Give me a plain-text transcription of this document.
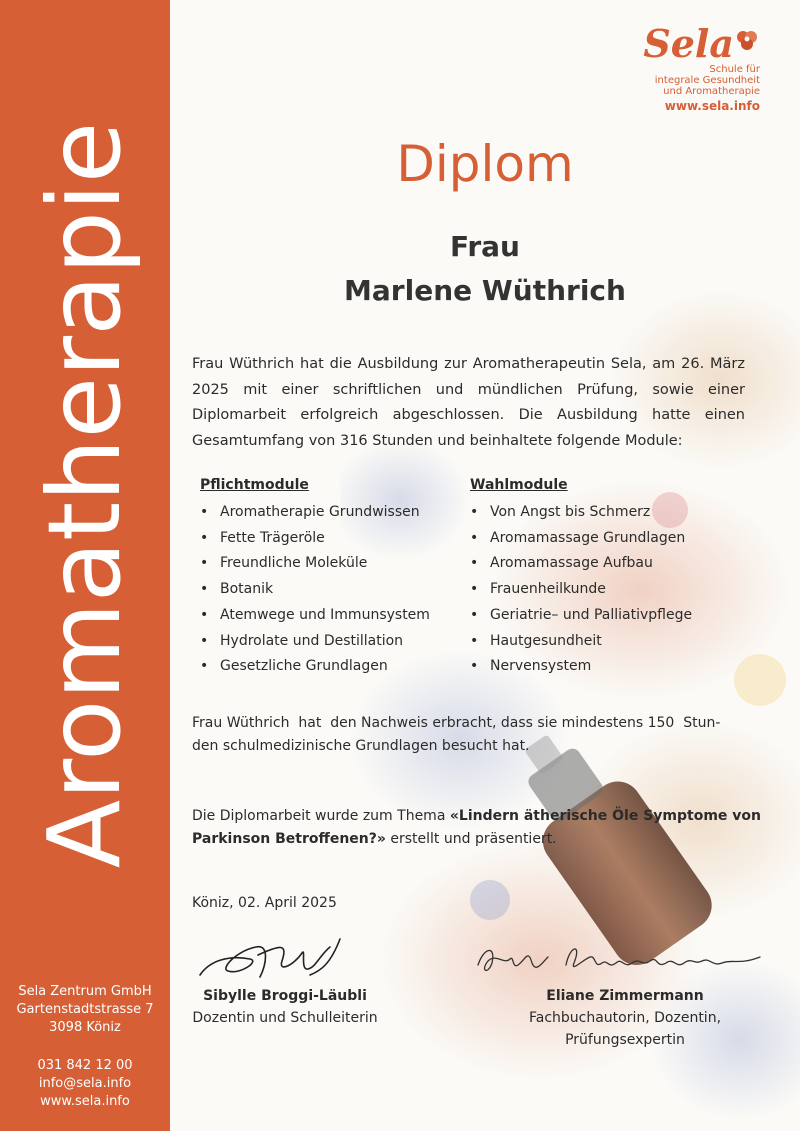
Aromatherapie
Sela Zentrum GmbH
Gartenstadtstrasse 7
3098 Köniz
031 842 12 00
info@sela.info
www.sela.info
Sela
Schule für
integrale Gesundheit
und Aromatherapie
www.sela.info
Diplom
Frau
Marlene Wüthrich
Frau Wüthrich hat die Ausbildung zur Aromatherapeutin Sela, am 26. März 2025 mit einer schriftlichen und mündlichen Prüfung, sowie einer Diplomarbeit erfolgreich abgeschlossen. Die Ausbildung hatte einen Gesamtumfang von 316 Stunden und beinhaltete folgende Module:
Pflichtmodule
• Aromatherapie Grundwissen
• Fette Trägeröle
• Freundliche Moleküle
• Botanik
• Atemwege und Immunsystem
• Hydrolate und Destillation
• Gesetzliche Grundlagen
Wahlmodule
• Von Angst bis Schmerz
• Aromamassage Grundlagen
• Aromamassage Aufbau
• Frauenheilkunde
• Geriatrie– und Palliativpflege
• Hautgesundheit
• Nervensystem
Frau Wüthrich  hat  den Nachweis erbracht, dass sie mindestens 150  Stun-
den schulmedizinische Grundlagen besucht hat.
Die Diplomarbeit wurde zum Thema «Lindern ätherische Öle Symptome von
Parkinson Betroffenen?» erstellt und präsentiert.
Köniz, 02. April 2025
Sibylle Broggi-Läubli
Dozentin und Schulleiterin
Eliane Zimmermann
Fachbuchautorin, Dozentin,
Prüfungsexpertin
